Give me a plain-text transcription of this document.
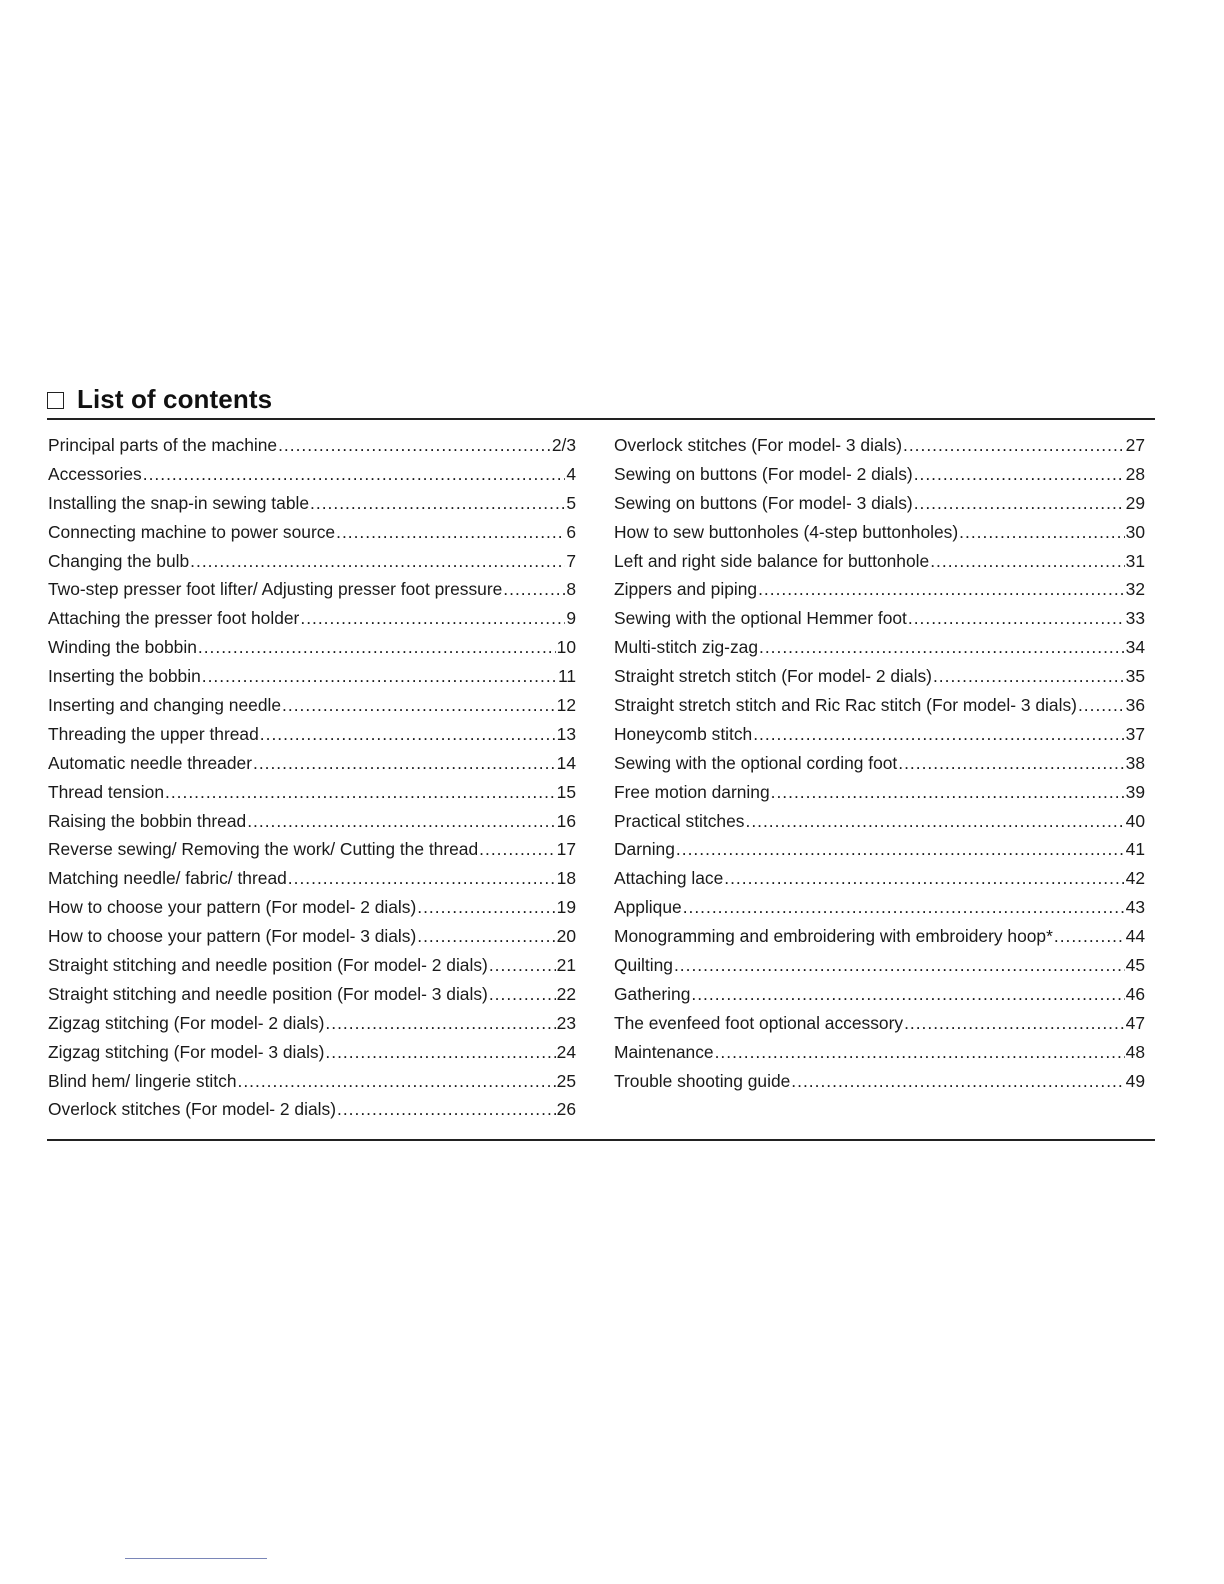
List of contents
Principal parts of the machine .....	2/3
Accessories .....	4
Installing the snap-in sewing table .....	5
Connecting machine to power source .....	6
Changing the bulb .....	7
Two-step presser foot lifter/ Adjusting presser foot pressure .....	8
Attaching the presser foot holder .....	9
Winding the bobbin .....	10
Inserting the bobbin .....	11
Inserting and changing needle .....	12
Threading the upper thread .....	13
Automatic needle threader .....	14
Thread tension .....	15
Raising the bobbin thread .....	16
Reverse sewing/ Removing the work/ Cutting the thread .....	17
Matching needle/ fabric/ thread .....	18
How to choose your pattern (For model- 2 dials) .....	19
How to choose your pattern (For model- 3 dials) .....	20
Straight stitching and needle position (For model- 2 dials) .....	21
Straight stitching and needle position (For model- 3 dials) .....	22
Zigzag stitching (For model- 2 dials) .....	23
Zigzag stitching (For model- 3 dials) .....	24
Blind hem/ lingerie stitch .....	25
Overlock stitches (For model- 2 dials) .....	26
Overlock stitches (For model- 3 dials) .....	27
Sewing on buttons (For model- 2 dials) .....	28
Sewing on buttons (For model- 3 dials) .....	29
How to sew buttonholes (4-step buttonholes) .....	30
Left and right side balance for buttonhole .....	31
Zippers and piping .....	32
Sewing with the optional Hemmer foot .....	33
Multi-stitch zig-zag .....	34
Straight stretch stitch (For model- 2 dials) .....	35
Straight stretch stitch and Ric Rac stitch (For model- 3 dials) .....	36
Honeycomb stitch .....	37
Sewing with the optional cording foot .....	38
Free motion darning .....	39
Practical stitches .....	40
Darning .....	41
Attaching lace .....	42
Applique .....	43
Monogramming and embroidering with embroidery hoop* .....	44
Quilting .....	45
Gathering .....	46
The evenfeed foot optional accessory .....	47
Maintenance .....	48
Trouble shooting guide .....	49
